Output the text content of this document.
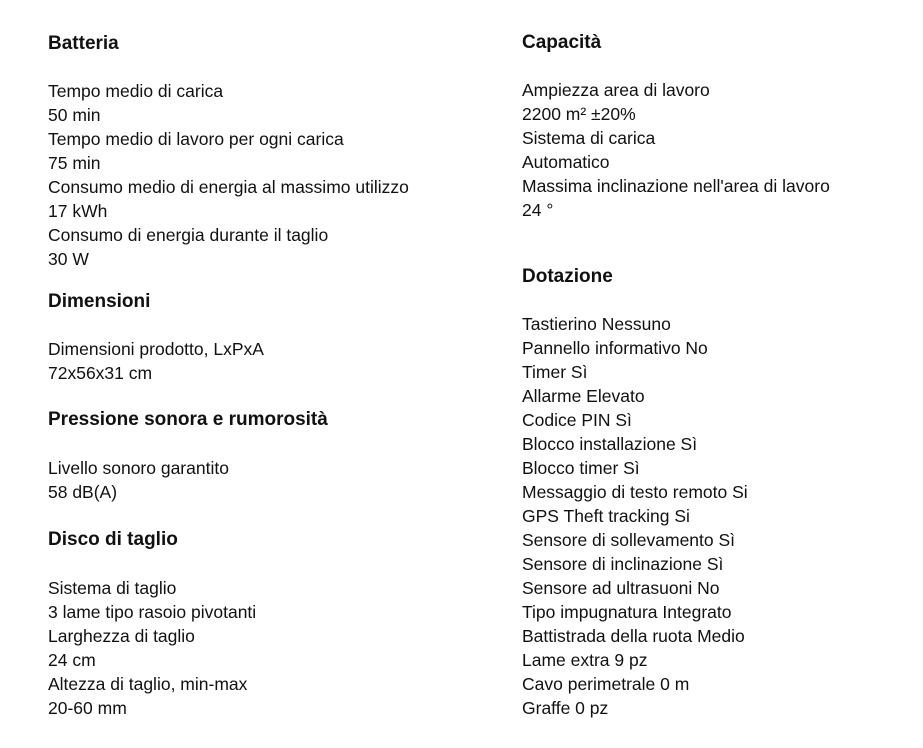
Batteria
Tempo medio di carica
50 min
Tempo medio di lavoro per ogni carica
75 min
Consumo medio di energia al massimo utilizzo
17 kWh
Consumo di energia durante il taglio
30 W
Dimensioni
Dimensioni prodotto, LxPxA
72x56x31 cm
Pressione sonora e rumorosità
Livello sonoro garantito
58 dB(A)
Disco di taglio
Sistema di taglio
3 lame tipo rasoio pivotanti
Larghezza di taglio
24 cm
Altezza di taglio, min-max
20-60 mm
Capacità
Ampiezza area di lavoro
2200 m² ±20%
Sistema di carica
Automatico
Massima inclinazione nell'area di lavoro
24 °
Dotazione
Tastierino Nessuno
Pannello informativo No
Timer Sì
Allarme Elevato
Codice PIN Sì
Blocco installazione Sì
Blocco timer Sì
Messaggio di testo remoto Si
GPS Theft tracking Si
Sensore di sollevamento Sì
Sensore di inclinazione Sì
Sensore ad ultrasuoni No
Tipo impugnatura Integrato
Battistrada della ruota Medio
Lame extra 9 pz
Cavo perimetrale 0 m
Graffe 0 pz
